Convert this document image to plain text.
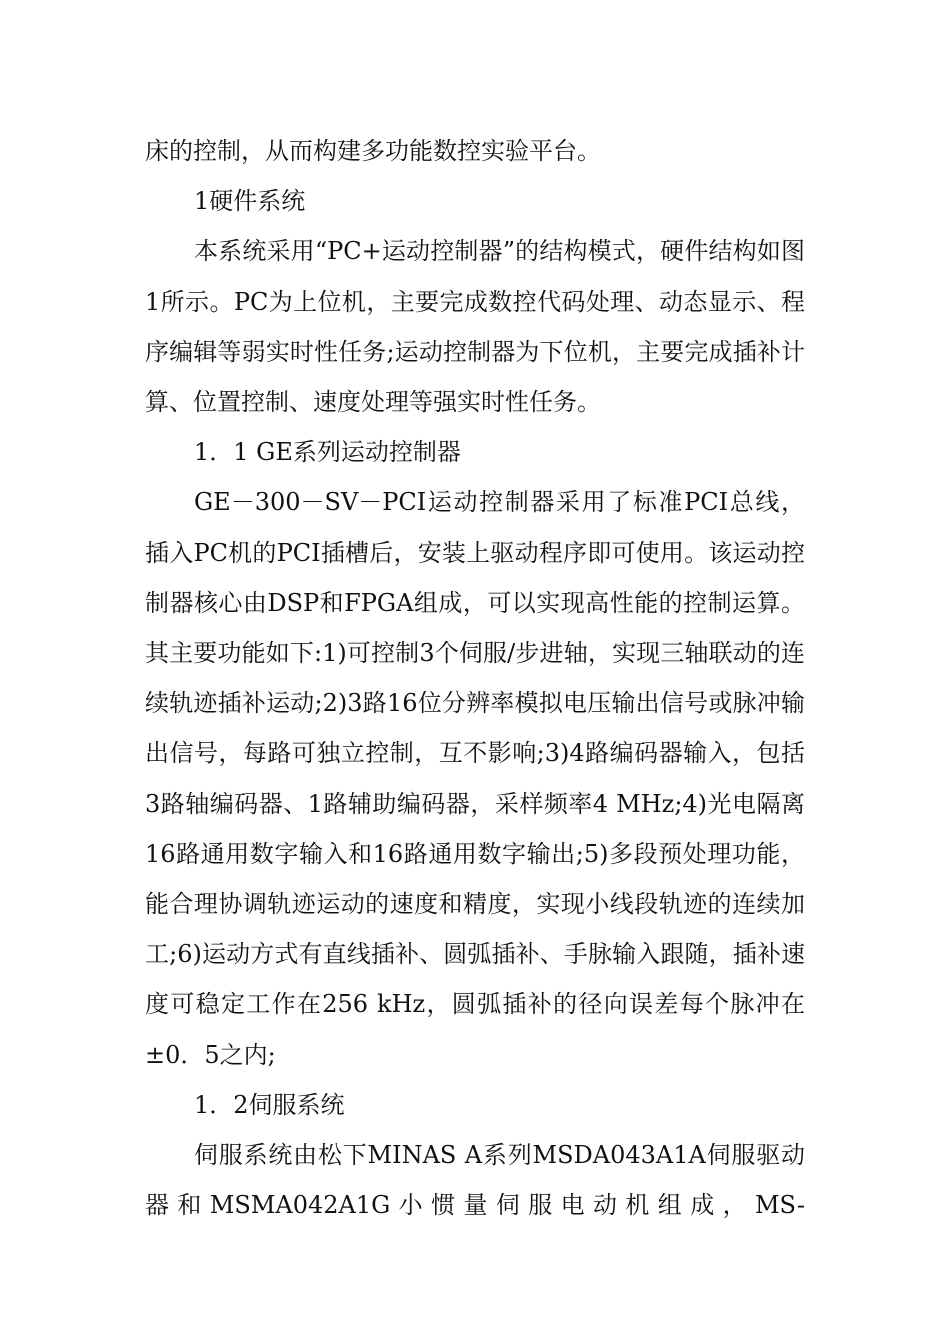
床的控制，从而构建多功能数控实验平台。

1硬件系统

本系统采用“PC+运动控制器”的结构模式，硬件结构如图1所示。PC为上位机，主要完成数控代码处理、动态显示、程序编辑等弱实时性任务;运动控制器为下位机，主要完成插补计算、位置控制、速度处理等强实时性任务。

1．1 GE系列运动控制器

GE－300－SV－PCI运动控制器采用了标准PCI总线，插入PC机的PCI插槽后，安装上驱动程序即可使用。该运动控制器核心由DSP和FPGA组成，可以实现高性能的控制运算。其主要功能如下:1)可控制3个伺服/步进轴，实现三轴联动的连续轨迹插补运动;2)3路16位分辨率模拟电压输出信号或脉冲输出信号，每路可独立控制，互不影响;3)4路编码器输入，包括3路轴编码器、1路辅助编码器，采样频率4 MHz;4)光电隔离16路通用数字输入和16路通用数字输出;5)多段预处理功能，能合理协调轨迹运动的速度和精度，实现小线段轨迹的连续加工;6)运动方式有直线插补、圆弧插补、手脉输入跟随，插补速度可稳定工作在256 kHz，圆弧插补的径向误差每个脉冲在±0．5之内;

1．2伺服系统

伺服系统由松下MINAS A系列MSDA043A1A伺服驱动器和MSMA042A1G小惯量伺服电动机组成，MS-
